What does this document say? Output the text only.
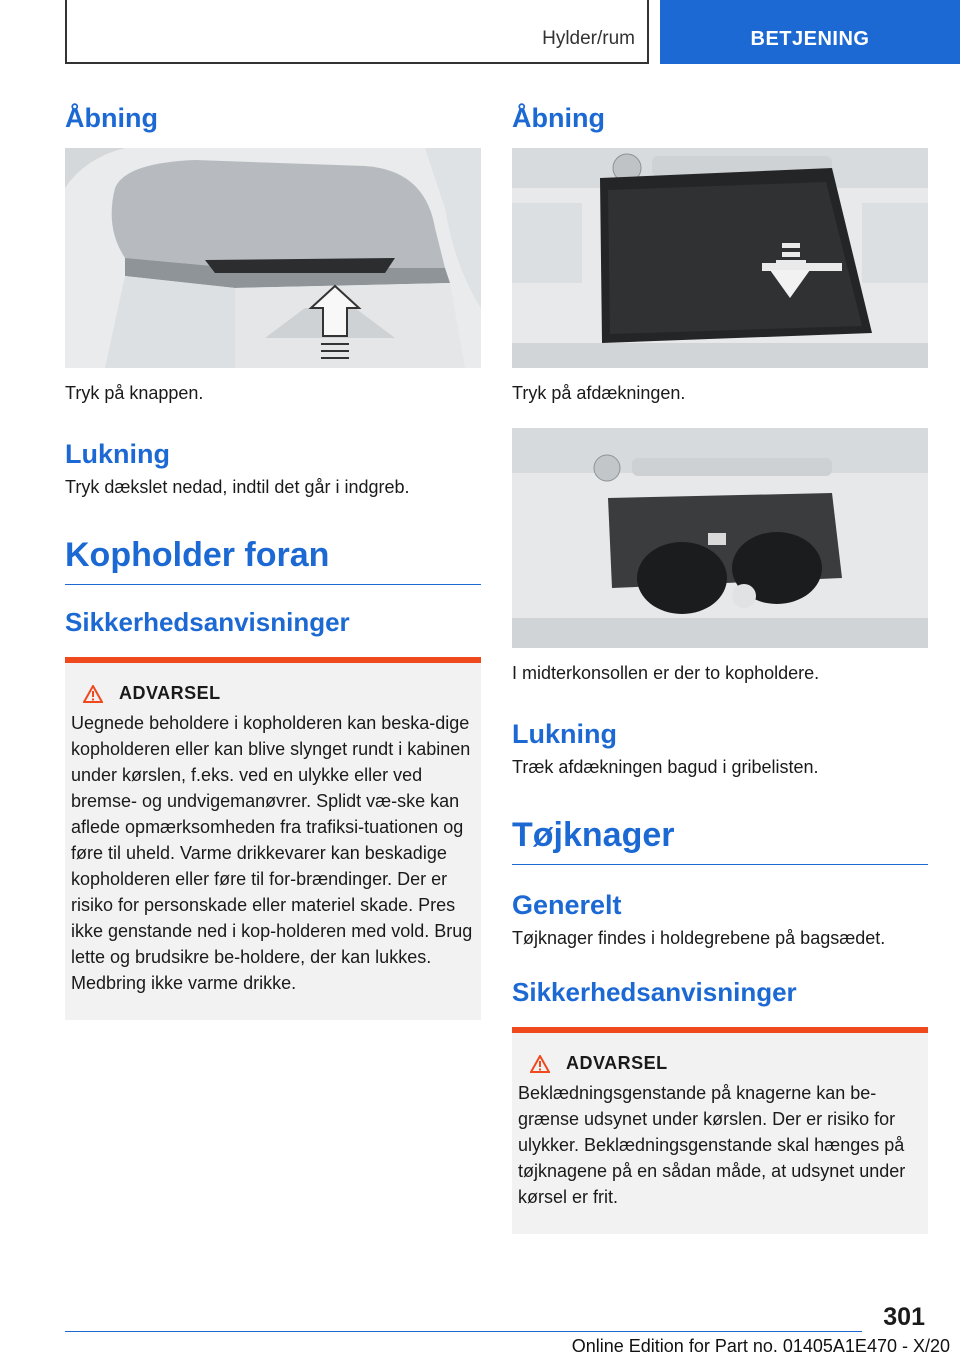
Hylder/rum	BETJENING
Åbning

Tryk på knappen.

Lukning

Tryk dækslet nedad, indtil det går i indgreb.

Kopholder foran
Sikkerhedsanvisninger
ADVARSEL

Uegnede beholdere i kopholderen kan beska-dige kopholderen eller kan blive slynget rundt i kabinen under kørslen, f.eks. ved en ulykke eller ved bremse- og undvigemanøvrer. Splidt væ-ske kan aflede opmærksomheden fra trafiksi-tuationen og føre til uheld. Varme drikkevarer kan beskadige kopholderen eller føre til for-brændinger. Der er risiko for personskade eller materiel skade. Pres ikke genstande ned i kop-holderen med vold. Brug lette og brudsikre be-holdere, der kan lukkes. Medbring ikke varme drikke.

Åbning

Tryk på afdækningen.

I midterkonsollen er der to kopholdere.

Lukning

Træk afdækningen bagud i gribelisten.

Tøjknager
Generelt

Tøjknager findes i holdegrebene på bagsædet.

Sikkerhedsanvisninger
ADVARSEL

Beklædningsgenstande på knagerne kan be-grænse udsynet under kørslen. Der er risiko for ulykker. Beklædningsgenstande skal hænges på tøjknagene på en sådan måde, at udsynet under kørsel er frit.

301
Online Edition for Part no. 01405A1E470 - X/20
